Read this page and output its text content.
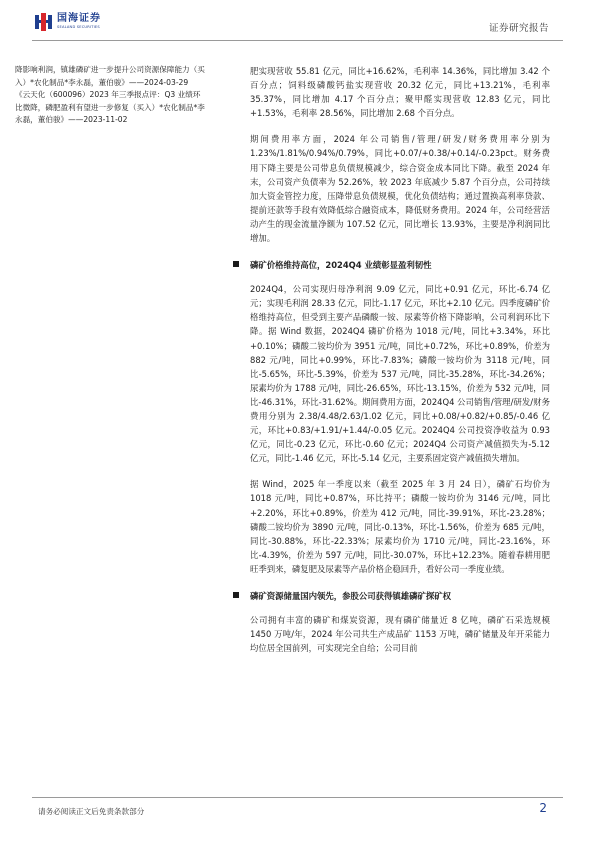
国海证券
SEALAND SECURITIES	证券研究报告

降影响利润，镇雄磷矿进一步提升公司资源保障能力（买入）*农化制品*李永磊，董伯骏》——2024-03-29

《云天化（600096）2023 年三季报点评：Q3 业绩环比微降，磷肥盈利有望进一步修复（买入）*农化制品*李永磊，董伯骏》——2023-11-02

肥实现营收 55.81 亿元，同比+16.62%，毛利率 14.36%，同比增加 3.42 个百分点；饲料级磷酸钙盐实现营收 20.32 亿元，同比+13.21%，毛利率 35.37%，同比增加 4.17 个百分点；聚甲醛实现营收 12.83 亿元，同比+1.53%，毛利率 28.56%，同比增加 2.68 个百分点。

期间费用率方面，2024 年公司销售/管理/研发/财务费用率分别为 1.23%/1.81%/0.94%/0.79%，同比+0.07/+0.38/+0.14/-0.23pct。财务费用下降主要是公司带息负债规模减少，综合资金成本同比下降。截至 2024 年末，公司资产负债率为 52.26%，较 2023 年底减少 5.87 个百分点，公司持续加大资金管控力度，压降带息负债规模，优化负债结构；通过置换高利率贷款、提前还款等手段有效降低综合融资成本，降低财务费用。2024 年，公司经营活动产生的现金流量净额为 107.52 亿元，同比增长 13.93%，主要是净利润同比增加。

磷矿价格维持高位，2024Q4 业绩彰显盈利韧性

2024Q4，公司实现归母净利润 9.09 亿元，同比+0.91 亿元，环比-6.74 亿元；实现毛利润 28.33 亿元，同比-1.17 亿元，环比+2.10 亿元。四季度磷矿价格维持高位，但受到主要产品磷酸一铵、尿素等价格下降影响，公司利润环比下降。据 Wind 数据，2024Q4 磷矿价格为 1018 元/吨，同比+3.34%，环比+0.10%；磷酸二铵均价为 3951 元/吨，同比+0.72%，环比+0.89%，价差为 882 元/吨，同比+0.99%，环比-7.83%；磷酸一铵均价为 3118 元/吨，同比-5.65%，环比-5.39%，价差为 537 元/吨，同比-35.28%，环比-34.26%；尿素均价为 1788 元/吨，同比-26.65%，环比-13.15%，价差为 532 元/吨，同比-46.31%，环比-31.62%。期间费用方面，2024Q4 公司销售/管理/研发/财务费用分别为 2.38/4.48/2.63/1.02 亿元，同比+0.08/+0.82/+0.85/-0.46 亿元，环比+0.83/+1.91/+1.44/-0.05 亿元。2024Q4 公司投资净收益为 0.93 亿元，同比-0.23 亿元，环比-0.60 亿元；2024Q4 公司资产减值损失为-5.12 亿元，同比-1.46 亿元，环比-5.14 亿元，主要系固定资产减值损失增加。

据 Wind，2025 年一季度以来（截至 2025 年 3 月 24 日），磷矿石均价为 1018 元/吨，同比+0.87%，环比持平；磷酸一铵均价为 3146 元/吨，同比+2.20%，环比+0.89%，价差为 412 元/吨，同比-39.91%，环比-23.28%；磷酸二铵均价为 3890 元/吨，同比-0.13%，环比-1.56%，价差为 685 元/吨，同比-30.88%，环比-22.33%；尿素均价为 1710 元/吨，同比-23.16%，环比-4.39%，价差为 597 元/吨，同比-30.07%，环比+12.23%。随着春耕用肥旺季到来，磷复肥及尿素等产品价格企稳回升，看好公司一季度业绩。

磷矿资源储量国内领先，参股公司获得镇雄磷矿探矿权

公司拥有丰富的磷矿和煤炭资源，现有磷矿储量近 8 亿吨，磷矿石采选规模 1450 万吨/年，2024 年公司共生产成品矿 1153 万吨，磷矿储量及年开采能力均位居全国前列，可实现完全自给；公司目前

请务必阅读正文后免责条款部分	2
